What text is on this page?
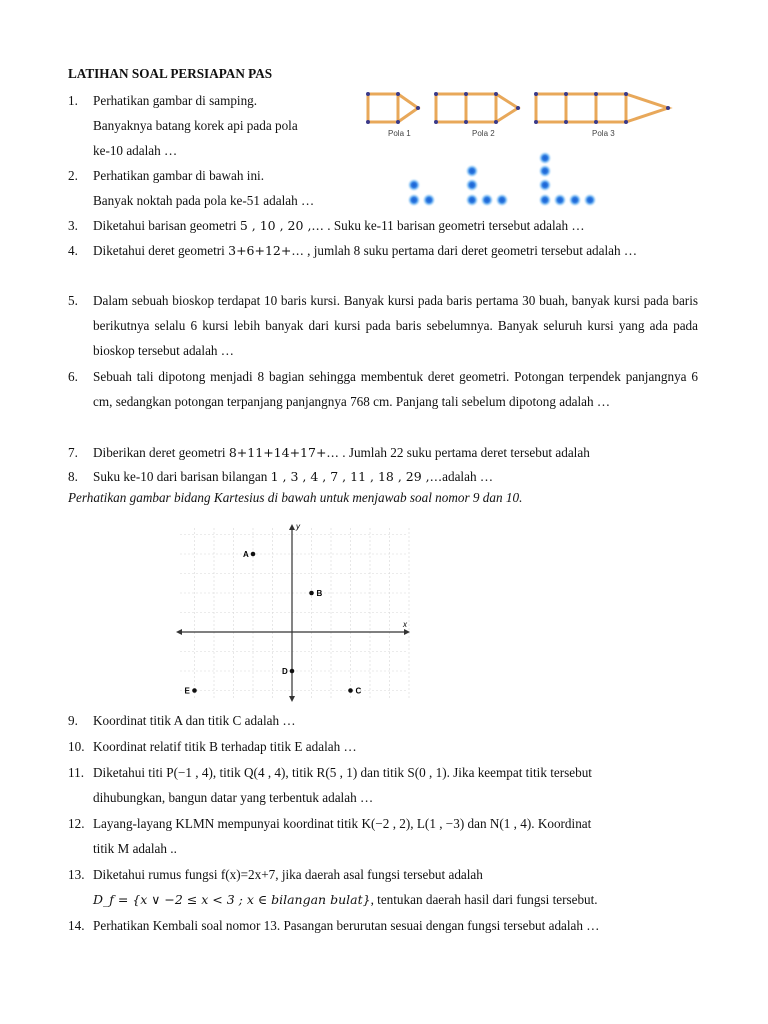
LATIHAN SOAL PERSIAPAN PAS
1. Perhatikan gambar di samping.
Banyaknya batang korek api pada pola
ke-10 adalah …
Pola 1	Pola 2	Pola 3
2. Perhatikan gambar di bawah ini.
Banyak noktah pada pola ke-51 adalah …
3. Diketahui barisan geometri 5 , 10 , 20 ,… . Suku ke-11 barisan geometri tersebut adalah …
4. Diketahui deret geometri 3+6+12+… , jumlah 8 suku pertama dari deret geometri tersebut adalah …
5. Dalam sebuah bioskop terdapat 10 baris kursi. Banyak kursi pada baris pertama 30 buah, banyak kursi pada baris berikutnya selalu 6 kursi lebih banyak dari kursi pada baris sebelumnya. Banyak seluruh kursi yang ada pada bioskop tersebut adalah …
6. Sebuah tali dipotong menjadi 8 bagian sehingga membentuk deret geometri. Potongan terpendek panjangnya 6 cm, sedangkan potongan terpanjang panjangnya 768 cm. Panjang tali sebelum dipotong adalah …
7. Diberikan deret geometri 8+11+14+17+… . Jumlah 22 suku pertama deret tersebut adalah
8. Suku ke-10 dari barisan bilangan 1 , 3 , 4 , 7 , 11 , 18 , 29 ,…adalah …
Perhatikan gambar bidang Kartesius di bawah untuk menjawab soal nomor 9 dan 10.
x
y
A
B
C
D
E
9. Koordinat titik A dan titik C adalah …
10. Koordinat relatif titik B terhadap titik E adalah …
11. Diketahui titi P(−1 , 4), titik Q(4 , 4), titik R(5 , 1) dan titik S(0 , 1). Jika keempat titik tersebut
dihubungkan, bangun datar yang terbentuk adalah …
12. Layang-layang KLMN mempunyai koordinat titik K(−2 , 2), L(1 , −3) dan N(1 , 4). Koordinat
titik M adalah ..
13. Diketahui rumus fungsi f(x)=2x+7, jika daerah asal fungsi tersebut adalah
D_f = {x ∨ −2 ≤ x < 3 ; x ∈ bilangan bulat}, tentukan daerah hasil dari fungsi tersebut.
14. Perhatikan Kembali soal nomor 13. Pasangan berurutan sesuai dengan fungsi tersebut adalah …
